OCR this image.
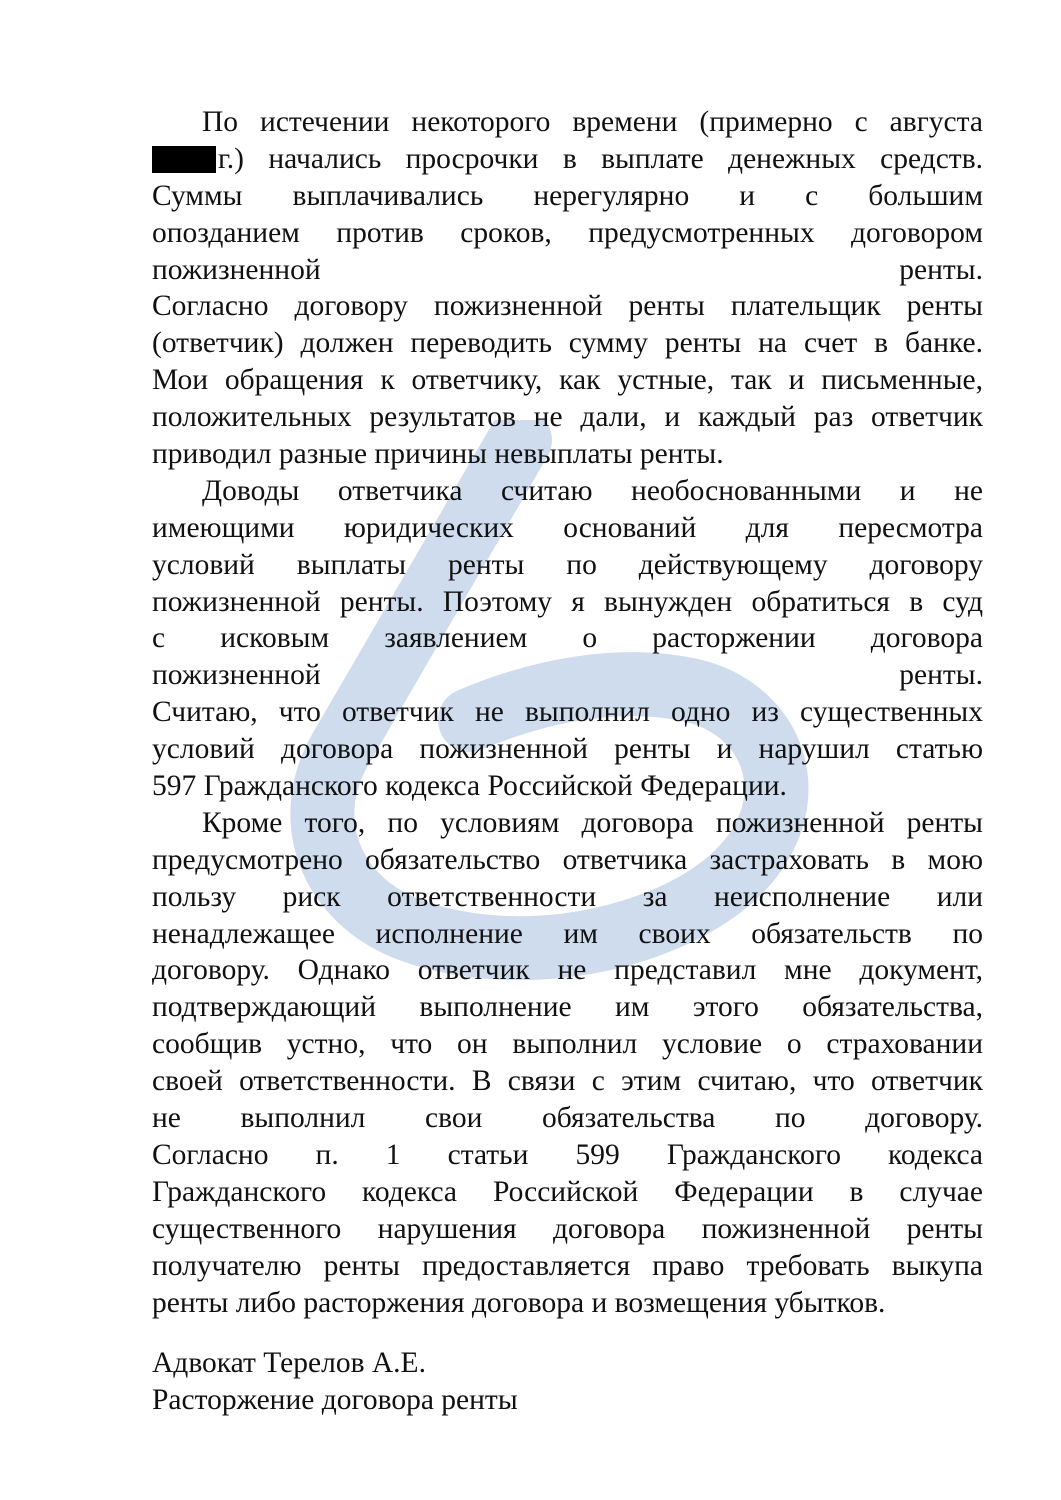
По истечении некоторого времени (примерно с августа
г.) начались просрочки в выплате денежных средств.
Суммы выплачивались нерегулярно и с большим
опозданием против сроков, предусмотренных договором
пожизненной ренты.
Согласно договору пожизненной ренты плательщик ренты
(ответчик) должен переводить сумму ренты на счет в банке.
Мои обращения к ответчику, как устные, так и письменные,
положительных результатов не дали, и каждый раз ответчик
приводил разные причины невыплаты ренты.
Доводы ответчика считаю необоснованными и не
имеющими юридических оснований для пересмотра
условий выплаты ренты по действующему договору
пожизненной ренты. Поэтому я вынужден обратиться в суд
с исковым заявлением о расторжении договора
пожизненной ренты.
Считаю, что ответчик не выполнил одно из существенных
условий договора пожизненной ренты и нарушил статью
597 Гражданского кодекса Российской Федерации.
Кроме того, по условиям договора пожизненной ренты
предусмотрено обязательство ответчика застраховать в мою
пользу риск ответственности за неисполнение или
ненадлежащее исполнение им своих обязательств по
договору. Однако ответчик не представил мне документ,
подтверждающий выполнение им этого обязательства,
сообщив устно, что он выполнил условие о страховании
своей ответственности. В связи с этим считаю, что ответчик
не выполнил свои обязательства по договору.
Согласно п. 1 статьи 599 Гражданского кодекса
Гражданского кодекса Российской Федерации в случае
существенного нарушения договора пожизненной ренты
получателю ренты предоставляется право требовать выкупа
ренты либо расторжения договора и возмещения убытков.
Адвокат Терелов А.Е.
Расторжение договора ренты
